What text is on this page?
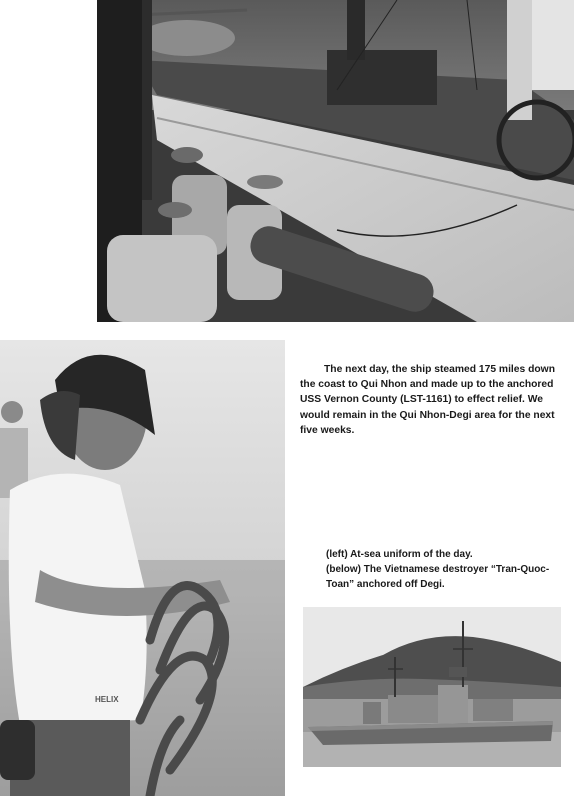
HELIX

The next day, the ship steamed 175 miles down the coast to Qui Nhon and made up to the anchored USS Vernon County (LST-1161) to effect relief. We would remain in the Qui Nhon-Degi area for the next five weeks.

(left) At-sea uniform of the day.
(below) The Vietnamese destroyer “Tran-Quoc-Toan” anchored off Degi.
